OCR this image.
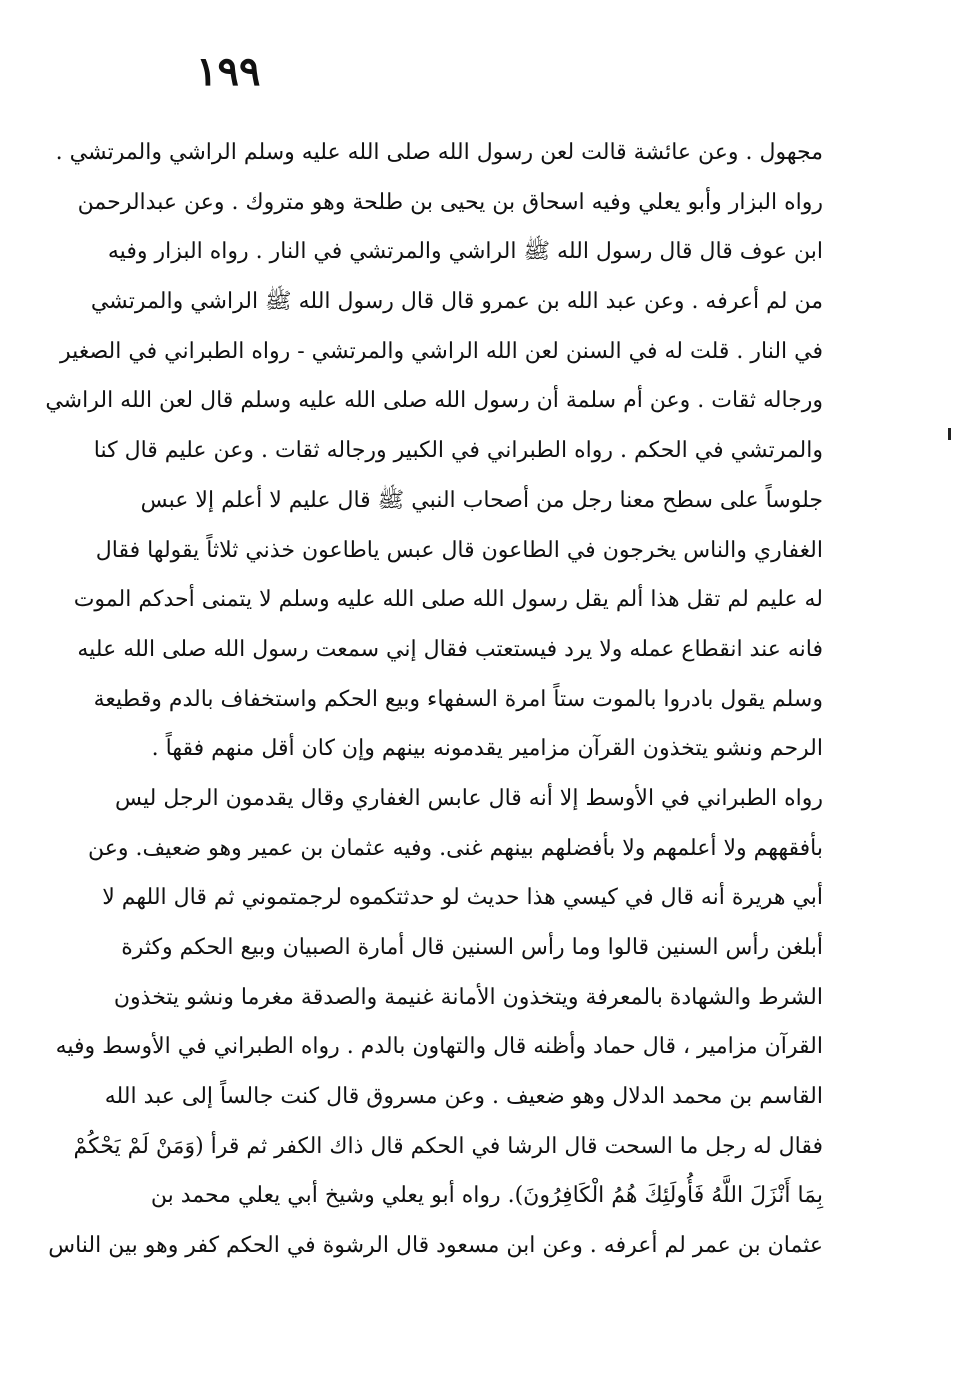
١٩٩
مجهول . وعن عائشة قالت لعن رسول الله صلى الله عليه وسلم الراشي والمرتشي .
رواه البزار وأبو يعلي وفيه اسحاق بن يحيى بن طلحة وهو متروك . وعن عبدالرحمن
ابن عوف قال قال رسول الله ﷺ الراشي والمرتشي في النار . رواه البزار وفيه
من لم أعرفه . وعن عبد الله بن عمرو قال قال رسول الله ﷺ الراشي والمرتشي
في النار . قلت له في السنن لعن الله الراشي والمرتشي - رواه الطبراني في الصغير
ورجاله ثقات . وعن أم سلمة أن رسول الله صلى الله عليه وسلم قال لعن الله الراشي
والمرتشي في الحكم . رواه الطبراني في الكبير ورجاله ثقات . وعن عليم قال كنا
جلوساً على سطح معنا رجل من أصحاب النبي ﷺ قال عليم لا أعلم إلا عبس
الغفاري والناس يخرجون في الطاعون قال عبس ياطاعون خذني ثلاثاً يقولها فقال
له عليم لم تقل هذا ألم يقل رسول الله صلى الله عليه وسلم لا يتمنى أحدكم الموت
فانه عند انقطاع عمله ولا يرد فيستعتب فقال إني سمعت رسول الله صلى الله عليه
وسلم يقول بادروا بالموت ستاً امرة السفهاء وبيع الحكم واستخفاف بالدم وقطيعة
الرحم ونشو يتخذون القرآن مزامير يقدمونه بينهم وإن كان أقل منهم فقهاً .
رواه الطبراني في الأوسط إلا أنه قال عابس الغفاري وقال يقدمون الرجل ليس
بأفقههم ولا أعلمهم ولا بأفضلهم بينهم غنى. وفيه عثمان بن عمير وهو ضعيف. وعن
أبي هريرة أنه قال في كيسي هذا حديث لو حدثتكموه لرجمتموني ثم قال اللهم لا
أبلغن رأس السنين قالوا وما رأس السنين قال أمارة الصبيان وبيع الحكم وكثرة
الشرط والشهادة بالمعرفة ويتخذون الأمانة غنيمة والصدقة مغرما ونشو يتخذون
القرآن مزامير ، قال حماد وأظنه قال والتهاون بالدم . رواه الطبراني في الأوسط وفيه
القاسم بن محمد الدلال وهو ضعيف . وعن مسروق قال كنت جالساً إلى عبد الله
فقال له رجل ما السحت قال الرشا في الحكم قال ذاك الكفر ثم قرأ (وَمَنْ لَمْ يَحْكُمْ
بِمَا أَنْزَلَ اللَّهُ فَأُولَئِكَ هُمُ الْكَافِرُونَ). رواه أبو يعلي وشيخ أبي يعلي محمد بن
عثمان بن عمر لم أعرفه . وعن ابن مسعود قال الرشوة في الحكم كفر وهو بين الناس
